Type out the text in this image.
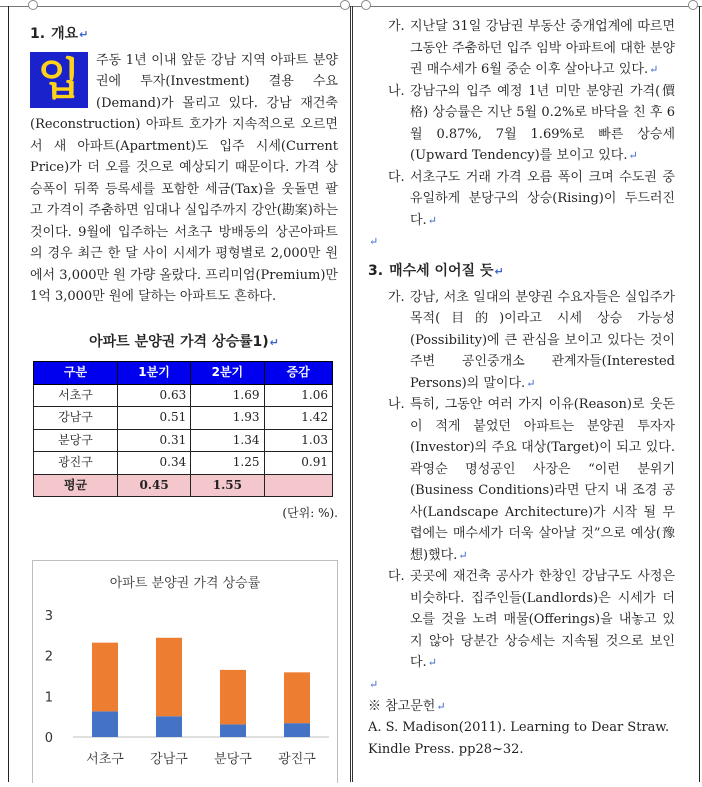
1. 개요↵
입	주동 1년 이내 앞둔 강남 지역 아파트 분양권에 투자(Investment) 결용 수요(Demand)가 몰리고 있다. 강남 재건축(Reconstruction) 아파트 호가가 지속적으로 오르면서 새 아파트(Apartment)도 입주 시세(Current Price)가 더 오를 것으로 예상되기 때문이다. 가격 상승폭이 뒤쭉 등록세를 포함한 세금(Tax)을 웃돌면 팔고 가격이 주춤하면 임대나 실입주까지 강안(勘案)하는 것이다. 9월에 입주하는 서초구 방배동의 상곤아파트의 경우 최근 한 달 사이 시세가 평형별로 2,000만 원에서 3,000만 원 가량 올랐다. 프리미엄(Premium)만 1억 3,000만 원에 달하는 아파트도 흔하다.

아파트 분양권 가격 상승률1)↵
구분	1분기	2분기	증감
서초구	0.63	1.69	1.06
강남구	0.51	1.93	1.42
분당구	0.31	1.34	1.03
광진구	0.34	1.25	0.91
평균	0.45	1.55	
(단위: %).
아파트 분양권 가격 상승률
0
1
2
3
서초구 강남구 분당구 광진구

가. 지난달 31일 강남권 부동산 중개업계에 따르면 그동안 주춤하던 입주 임박 아파트에 대한 분양권 매수세가 6월 중순 이후 살아나고 있다.↵

나. 강남구의 입주 예정 1년 미만 분양권 가격(價格) 상승률은 지난 5월 0.2%로 바닥을 친 후 6월 0.87%, 7월 1.69%로 빠른 상승세(Upward Tendency)를 보이고 있다.↵

다. 서초구도 거래 가격 오름 폭이 크며 수도권 중 유일하게 분당구의 상승(Rising)이 두드러진다.↵

↵
3. 매수세 이어질 듯↵

가. 강남, 서초 일대의 분양권 수요자들은 실입주가 목적(目的)이라고 시세 상승 가능성(Possibility)에 큰 관심을 보이고 있다는 것이 주변 공인중개소 관계자들(Interested Persons)의 말이다.↵

나. 특히, 그동안 여러 가지 이유(Reason)로 웃돈이 적게 붙었던 아파트는 분양권 투자자(Investor)의 주요 대상(Target)이 되고 있다. 곽영순 명성공인 사장은 “이런 분위기(Business Conditions)라면 단지 내 조경 공사(Landscape Architecture)가 시작 될 무렵에는 매수세가 더욱 살아날 것”으로 예상(豫想)했다.↵

다. 곳곳에 재건축 공사가 한창인 강남구도 사정은 비슷하다. 집주인들(Landlords)은 시세가 더 오를 것을 노려 매물(Offerings)을 내놓고 있지 않아 당분간 상승세는 지속될 것으로 보인다.↵

↵

※ 참고문헌↵

A. S. Madison(2011). Learning to Dear Straw. Kindle Press. pp28~32.
